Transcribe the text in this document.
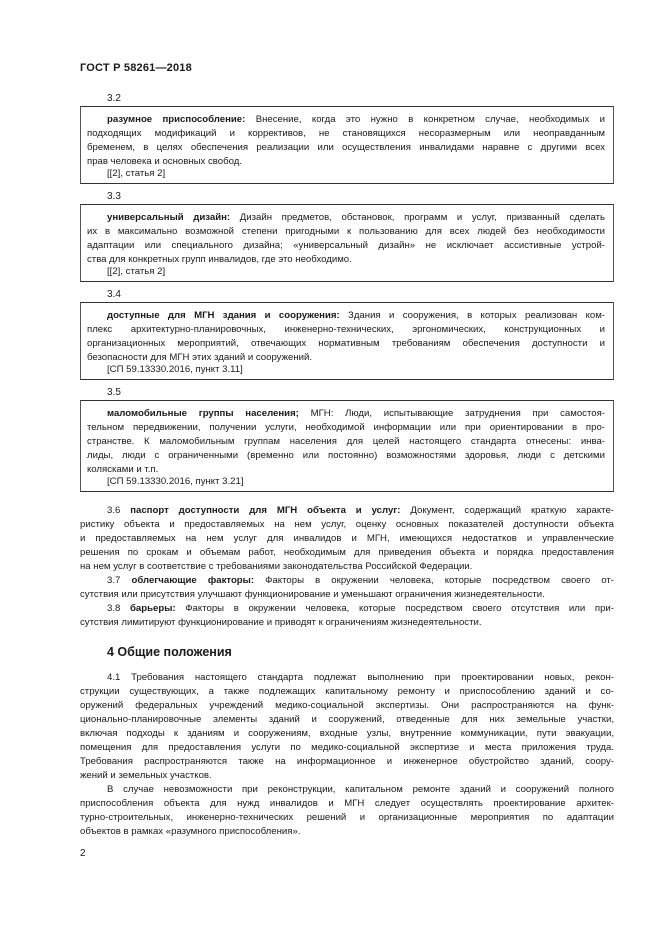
ГОСТ Р 58261—2018
3.2
разумное приспособление: Внесение, когда это нужно в конкретном случае, необходимых и
подходящих модификаций и коррективов, не становящихся несоразмерным или неоправданным
бременем, в целях обеспечения реализации или осуществления инвалидами наравне с другими всех
прав человека и основных свобод.
[[2], статья 2]
3.3
универсальный дизайн: Дизайн предметов, обстановок, программ и услуг, призванный сделать
их в максимально возможной степени пригодными к пользованию для всех людей без необходимости
адаптации или специального дизайна; «универсальный дизайн» не исключает ассистивные устрой-
ства для конкретных групп инвалидов, где это необходимо.
[[2], статья 2]
3.4
доступные для МГН здания и сооружения: Здания и сооружения, в которых реализован ком-
плекс архитектурно-планировочных, инженерно-технических, эргономических, конструкционных и
организационных мероприятий, отвечающих нормативным требованиям обеспечения доступности и
безопасности для МГН этих зданий и сооружений.
[СП 59.13330.2016, пункт 3.11]
3.5
маломобильные группы населения; МГН: Люди, испытывающие затруднения при самостоя-
тельном передвижении, получении услуги, необходимой информации или при ориентировании в про-
странстве. К маломобильным группам населения для целей настоящего стандарта отнесены: инва-
лиды, люди с ограниченными (временно или постоянно) возможностями здоровья, люди с детскими
колясками и т.п.
[СП 59.13330.2016, пункт 3.21]
3.6 паспорт доступности для МГН объекта и услуг: Документ, содержащий краткую характе-
ристику объекта и предоставляемых на нем услуг, оценку основных показателей доступности объекта
и предоставляемых на нем услуг для инвалидов и МГН, имеющихся недостатков и управленческие
решения по срокам и объемам работ, необходимым для приведения объекта и порядка предоставления
на нем услуг в соответствие с требованиями законодательства Российской Федерации.
3.7 облегчающие факторы: Факторы в окружении человека, которые посредством своего от-
сутствия или присутствия улучшают функционирование и уменьшают ограничения жизнедеятельности.
3.8 барьеры: Факторы в окружении человека, которые посредством своего отсутствия или при-
сутствия лимитируют функционирование и приводят к ограничениям жизнедеятельности.
4 Общие положения
4.1 Требования настоящего стандарта подлежат выполнению при проектировании новых, рекон-
струкции существующих, а также подлежащих капитальному ремонту и приспособлению зданий и со-
оружений федеральных учреждений медико-социальной экспертизы. Они распространяются на функ-
ционально-планировочные элементы зданий и сооружений, отведенные для них земельные участки,
включая подходы к зданиям и сооружениям, входные узлы, внутренние коммуникации, пути эвакуации,
помещения для предоставления услуги по медико-социальной экспертизе и места приложения труда.
Требования распространяются также на информационное и инженерное обустройство зданий, соору-
жений и земельных участков.
В случае невозможности при реконструкции, капитальном ремонте зданий и сооружений полного
приспособления объекта для нужд инвалидов и МГН следует осуществлять проектирование архитек-
турно-строительных, инженерно-технических решений и организационные мероприятия по адаптации
объектов в рамках «разумного приспособления».
2
